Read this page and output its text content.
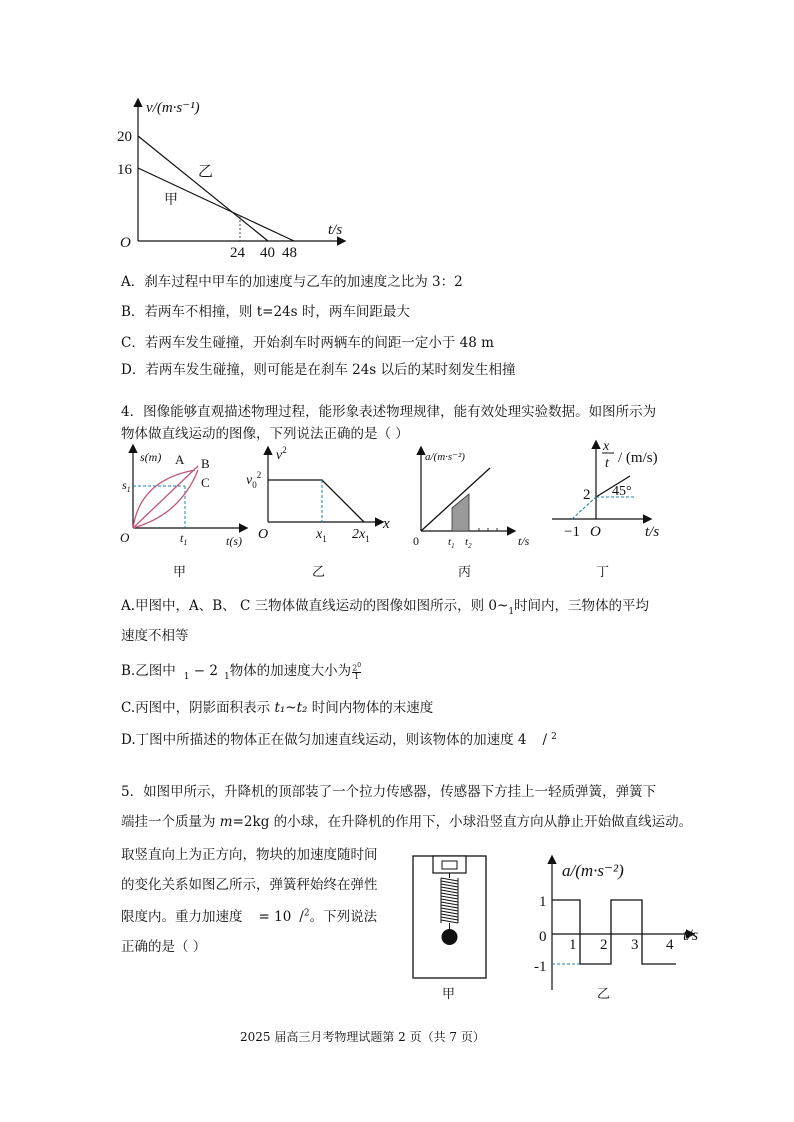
v/(m·s⁻¹)
20
16
O
24 40 48
t/s
乙
甲
A．刹车过程中甲车的加速度与乙车的加速度之比为 3：2
B．若两车不相撞，则 t=24s 时，两车间距最大
C．若两车发生碰撞，开始刹车时两辆车的间距一定小于 48 m
D．若两车发生碰撞，则可能是在刹车 24s 以后的某时刻发生相撞
4．图像能够直观描述物理过程，能形象表述物理规律，能有效处理实验数据。如图所示为
物体做直线运动的图像，下列说法正确的是（ ）
s(m) A B
C
$s_1$
O	$t_1$	t(s)
$v^2$
$v_0^2$
O	$x_1$ $2x_1$
x
a/(m·s⁻²)
0	$t_1$ $t_2$	t/s
x
t / (m/s)
2 45°
−1 O	t/s
甲	乙	丙	丁
A.甲图中，A、B、 C 三物体做直线运动的图像如图所示，则 $0\sim_1$时间内，三物体的平均
速度不相等
B.乙图中 $_1$ − 2 $_1$物体的加速度大小为 $\frac{2^0}{1}$
C.丙图中，阴影面积表示 t₁~t₂ 时间内物体的末速度
D.丁图中所描述的物体正在做匀加速直线运动，则该物体的加速度 4 / $^2$
5．如图甲所示，升降机的顶部装了一个拉力传感器，传感器下方挂上一轻质弹簧，弹簧下
端挂一个质量为 m=2kg 的小球，在升降机的作用下，小球沿竖直方向从静止开始做直线运动。
取竖直向上为正方向，物块的加速度随时间
的变化关系如图乙所示，弹簧秤始终在弹性
限度内。重力加速度 = 10 /$^2$。下列说法
正确的是（ ）
甲
a/(m·s⁻²)
1
0
-1
1 2 3 4
t/s
乙
2025 届高三月考物理试题第 2 页（共 7 页）
